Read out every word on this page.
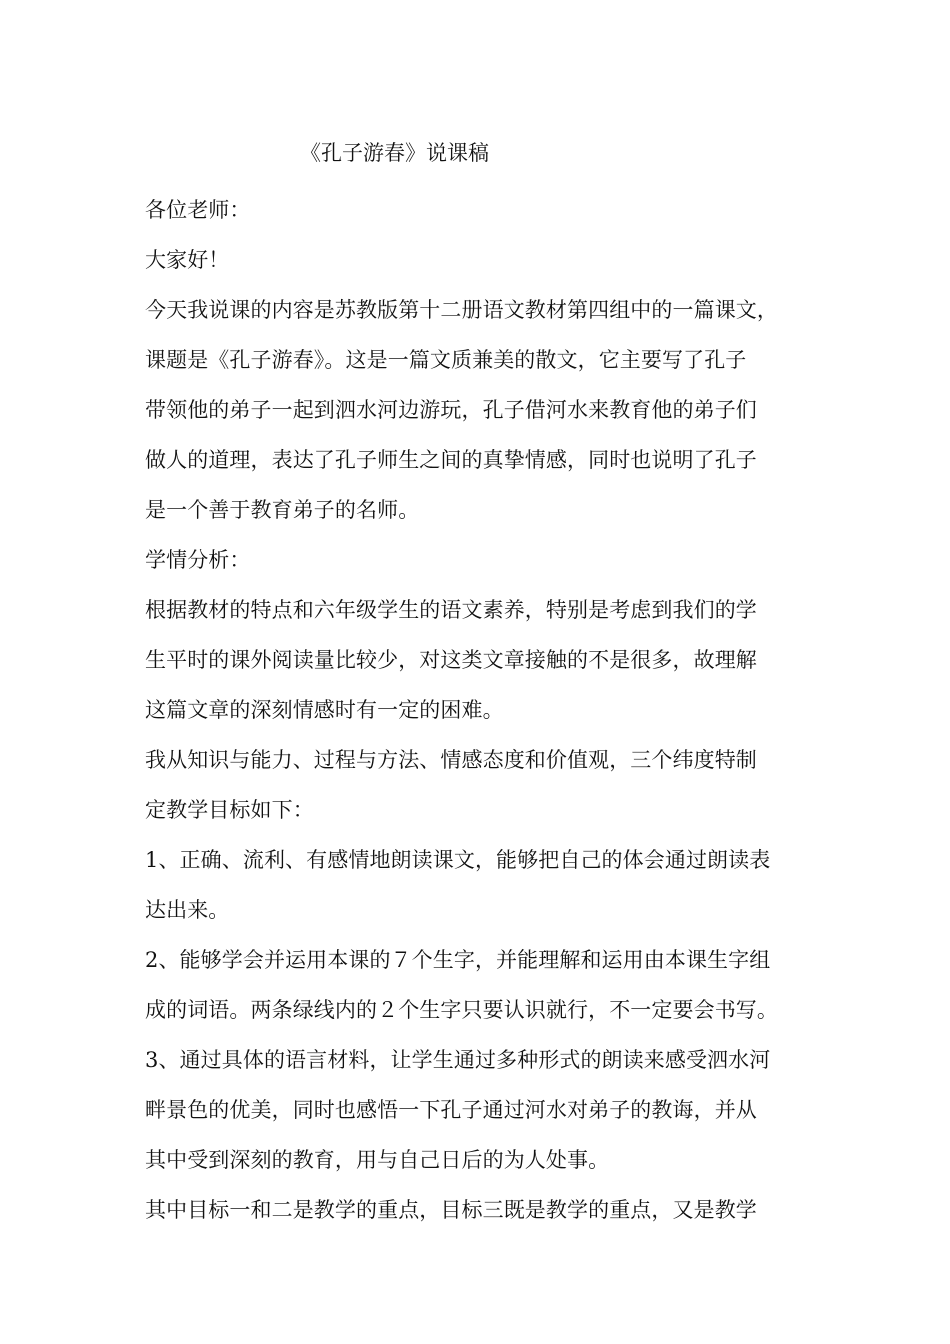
《孔子游春》说课稿
各位老师：
大家好！
今天我说课的内容是苏教版第十二册语文教材第四组中的一篇课文，
课题是《孔子游春》。这是一篇文质兼美的散文，它主要写了孔子
带领他的弟子一起到泗水河边游玩，孔子借河水来教育他的弟子们
做人的道理，表达了孔子师生之间的真挚情感，同时也说明了孔子
是一个善于教育弟子的名师。
学情分析：
根据教材的特点和六年级学生的语文素养，特别是考虑到我们的学
生平时的课外阅读量比较少，对这类文章接触的不是很多，故理解
这篇文章的深刻情感时有一定的困难。
我从知识与能力、过程与方法、情感态度和价值观，三个纬度特制
定教学目标如下：
1、正确、流利、有感情地朗读课文，能够把自己的体会通过朗读表
达出来。
2、能够学会并运用本课的７个生字，并能理解和运用由本课生字组
成的词语。两条绿线内的２个生字只要认识就行，不一定要会书写。
3、通过具体的语言材料，让学生通过多种形式的朗读来感受泗水河
畔景色的优美，同时也感悟一下孔子通过河水对弟子的教诲，并从
其中受到深刻的教育，用与自己日后的为人处事。
其中目标一和二是教学的重点，目标三既是教学的重点，又是教学
